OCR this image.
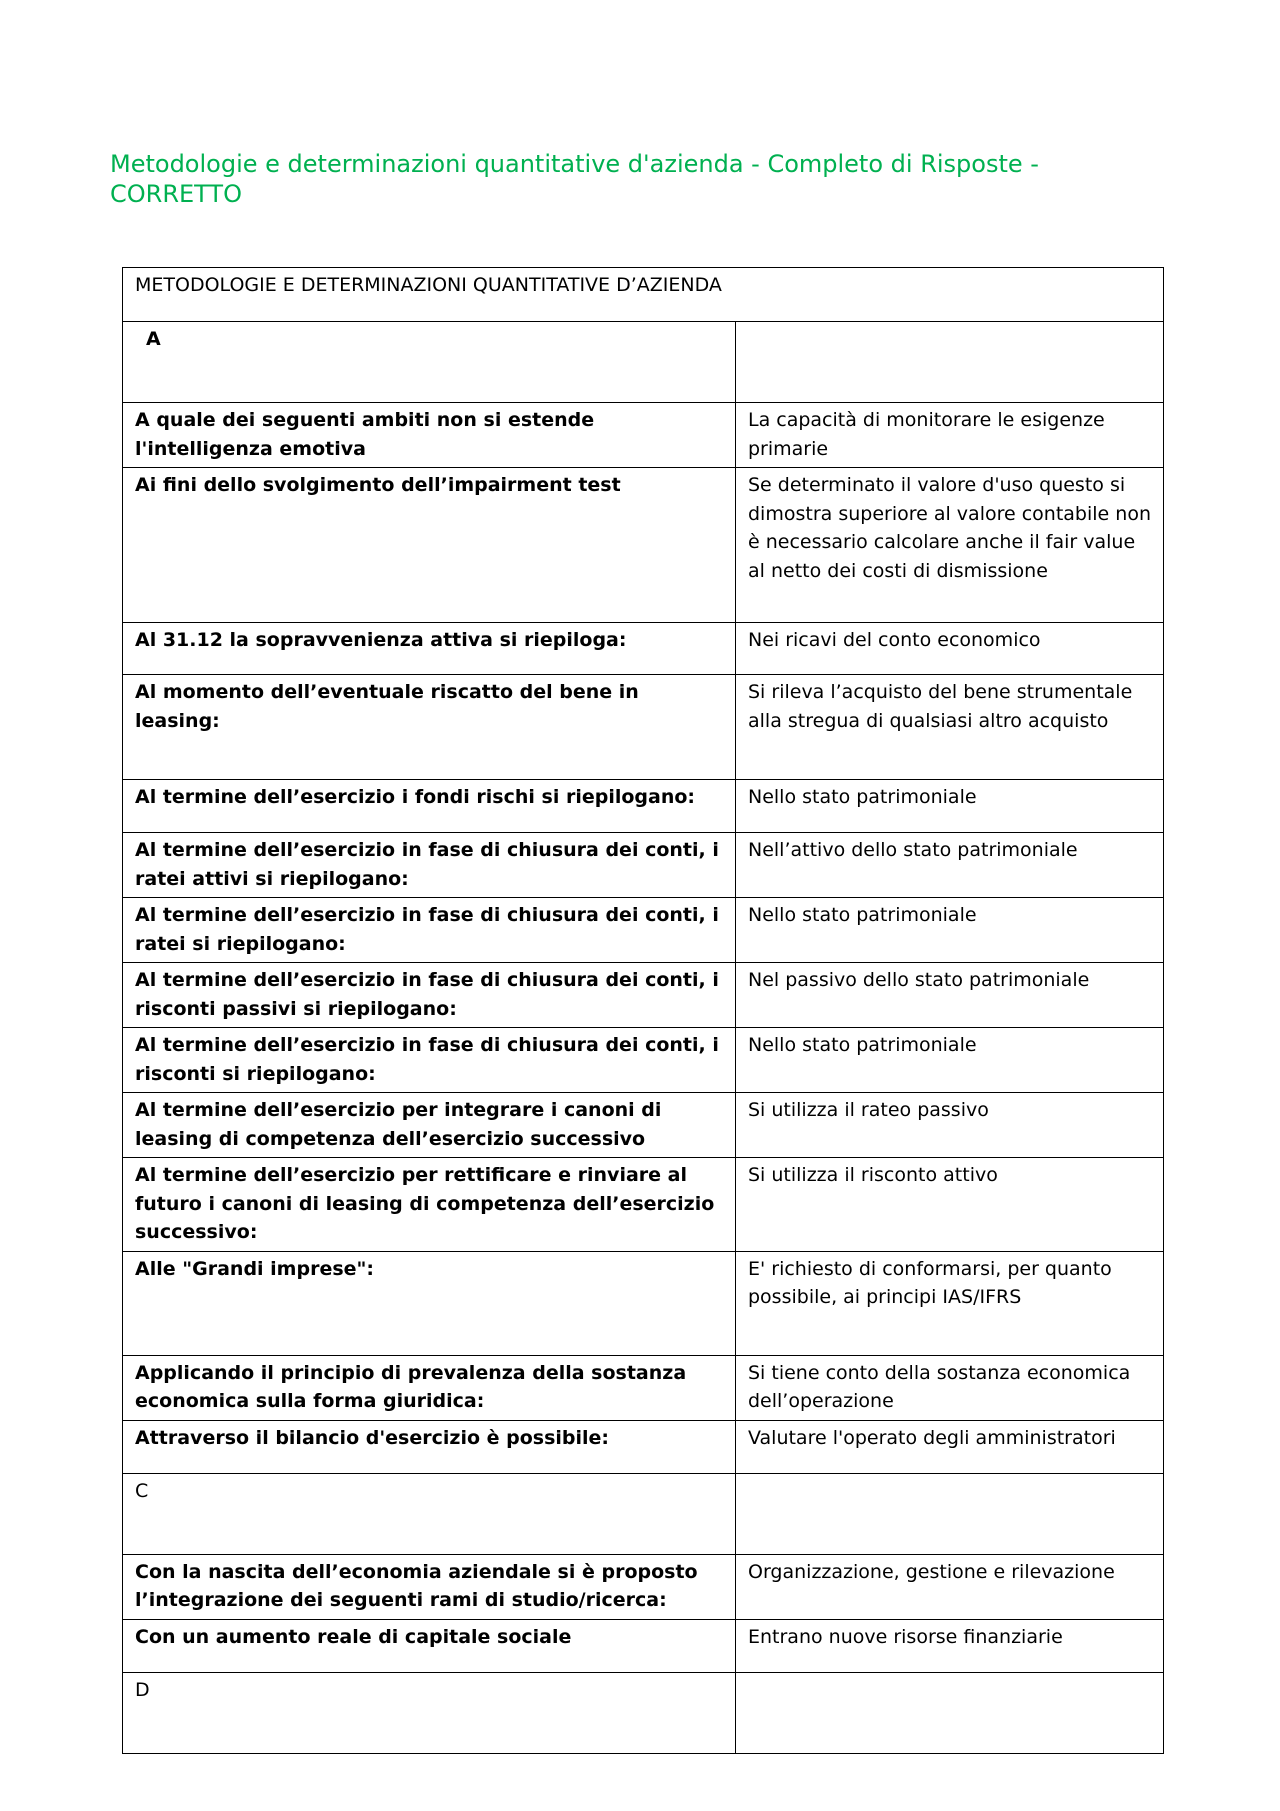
Metodologie e determinazioni quantitative d'azienda - Completo di Risposte - CORRETTO
METODOLOGIE E DETERMINAZIONI QUANTITATIVE D’AZIENDA	
A	
A quale dei seguenti ambiti non si estende l'intelligenza emotiva	La capacità di monitorare le esigenze primarie
Ai fini dello svolgimento dell’impairment test	Se determinato il valore d'uso questo si dimostra superiore al valore contabile non è necessario calcolare anche il fair value al netto dei costi di dismissione
Al 31.12 la sopravvenienza attiva si riepiloga:	Nei ricavi del conto economico
Al momento dell’eventuale riscatto del bene in leasing:	Si rileva l’acquisto del bene strumentale alla stregua di qualsiasi altro acquisto
Al termine dell’esercizio i fondi rischi si riepilogano:	Nello stato patrimoniale
Al termine dell’esercizio in fase di chiusura dei conti, i ratei attivi si riepilogano:	Nell’attivo dello stato patrimoniale
Al termine dell’esercizio in fase di chiusura dei conti, i ratei si riepilogano:	Nello stato patrimoniale
Al termine dell’esercizio in fase di chiusura dei conti, i risconti passivi si riepilogano:	Nel passivo dello stato patrimoniale
Al termine dell’esercizio in fase di chiusura dei conti, i risconti si riepilogano:	Nello stato patrimoniale
Al termine dell’esercizio per integrare i canoni di leasing di competenza dell’esercizio successivo	Si utilizza il rateo passivo
Al termine dell’esercizio per rettificare e rinviare al futuro i canoni di leasing di competenza dell’esercizio successivo:	Si utilizza il risconto attivo
Alle "Grandi imprese":	E' richiesto di conformarsi, per quanto possibile, ai principi IAS/IFRS
Applicando il principio di prevalenza della sostanza economica sulla forma giuridica:	Si tiene conto della sostanza economica dell’operazione
Attraverso il bilancio d'esercizio è possibile:	Valutare l'operato degli amministratori
C	
Con la nascita dell’economia aziendale si è proposto l’integrazione dei seguenti rami di studio/ricerca:	Organizzazione, gestione e rilevazione
Con un aumento reale di capitale sociale	Entrano nuove risorse finanziarie
D	
